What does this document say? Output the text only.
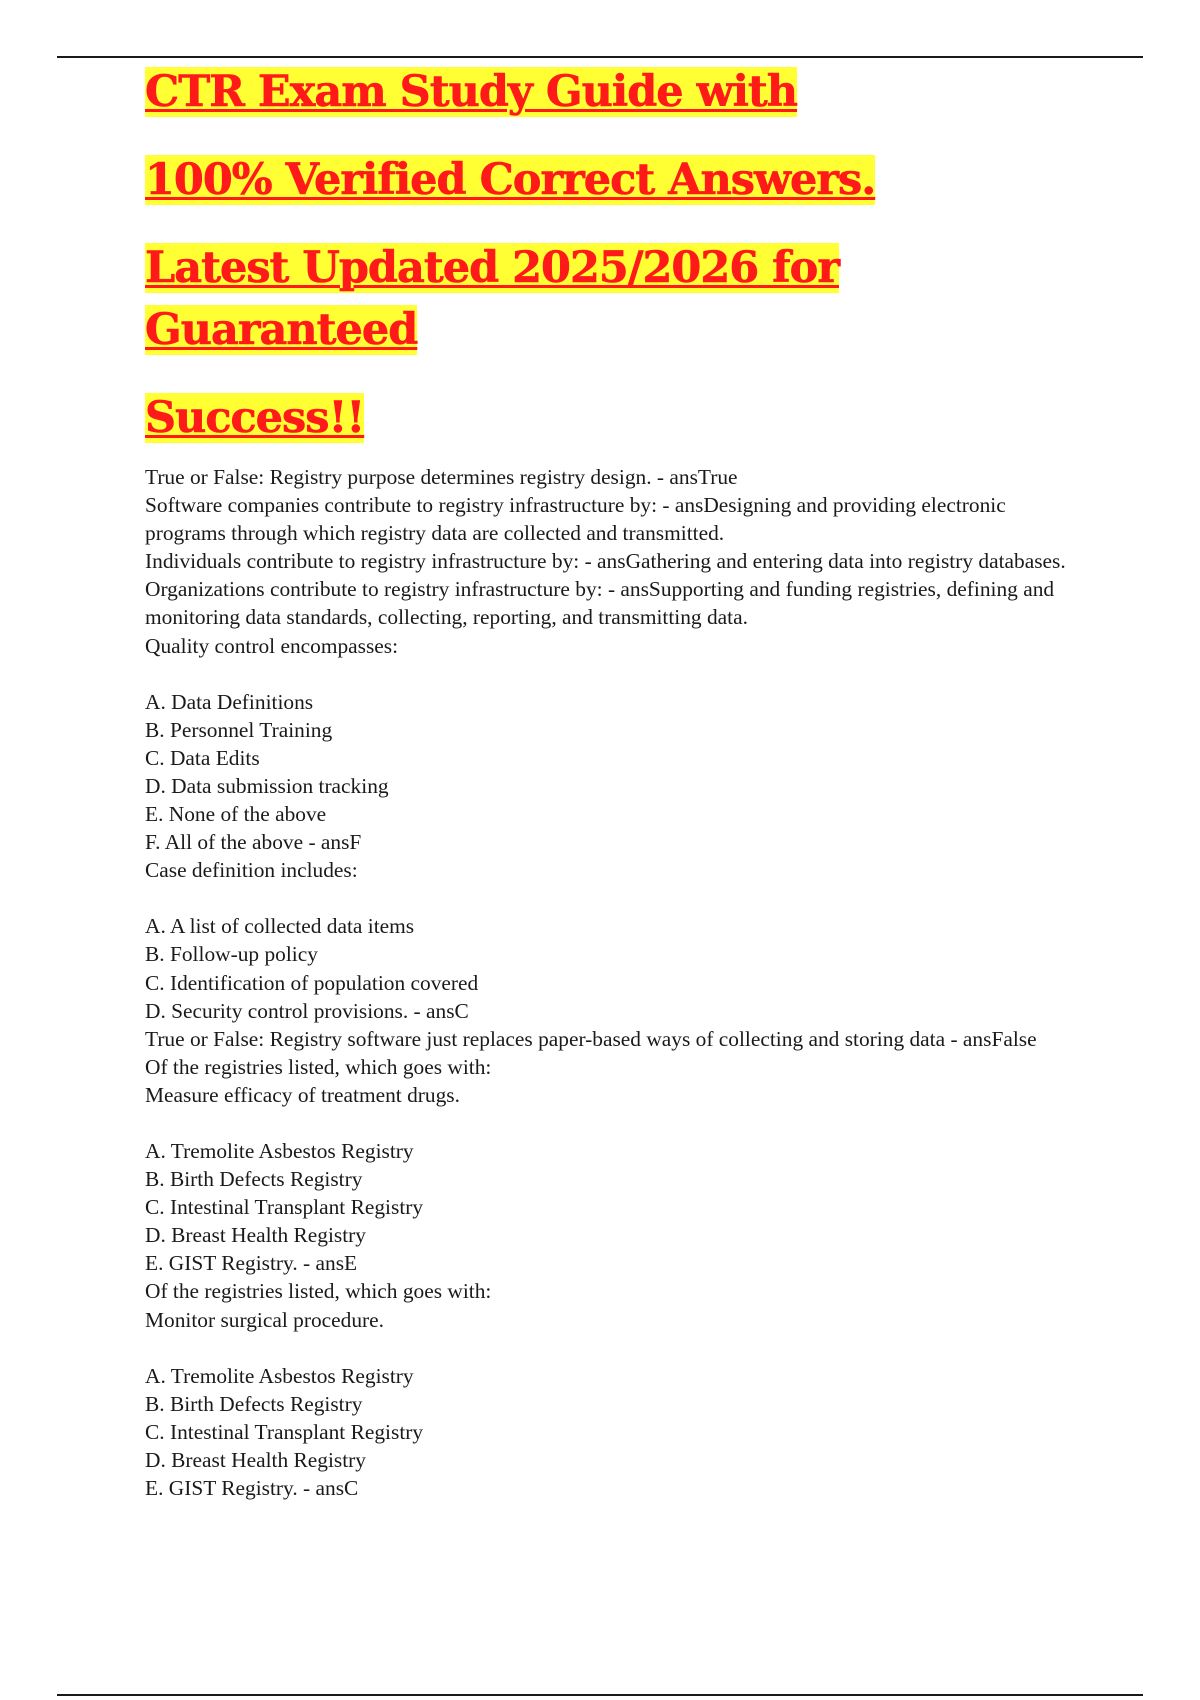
CTR Exam Study Guide with
100% Verified Correct Answers.
Latest Updated 2025/2026 for
Guaranteed
Success!!

True or False: Registry purpose determines registry design. - ansTrue

Software companies contribute to registry infrastructure by: - ansDesigning and providing electronic programs through which registry data are collected and transmitted.

Individuals contribute to registry infrastructure by: - ansGathering and entering data into registry databases.

Organizations contribute to registry infrastructure by: - ansSupporting and funding registries, defining and monitoring data standards, collecting, reporting, and transmitting data.

Quality control encompasses:

A. Data Definitions

B. Personnel Training

C. Data Edits

D. Data submission tracking

E. None of the above

F. All of the above - ansF

Case definition includes:

A. A list of collected data items

B. Follow-up policy

C. Identification of population covered

D. Security control provisions. - ansC

True or False: Registry software just replaces paper-based ways of collecting and storing data - ansFalse

Of the registries listed, which goes with:

Measure efficacy of treatment drugs.

A. Tremolite Asbestos Registry

B. Birth Defects Registry

C. Intestinal Transplant Registry

D. Breast Health Registry

E. GIST Registry. - ansE

Of the registries listed, which goes with:

Monitor surgical procedure.

A. Tremolite Asbestos Registry

B. Birth Defects Registry

C. Intestinal Transplant Registry

D. Breast Health Registry

E. GIST Registry. - ansC
